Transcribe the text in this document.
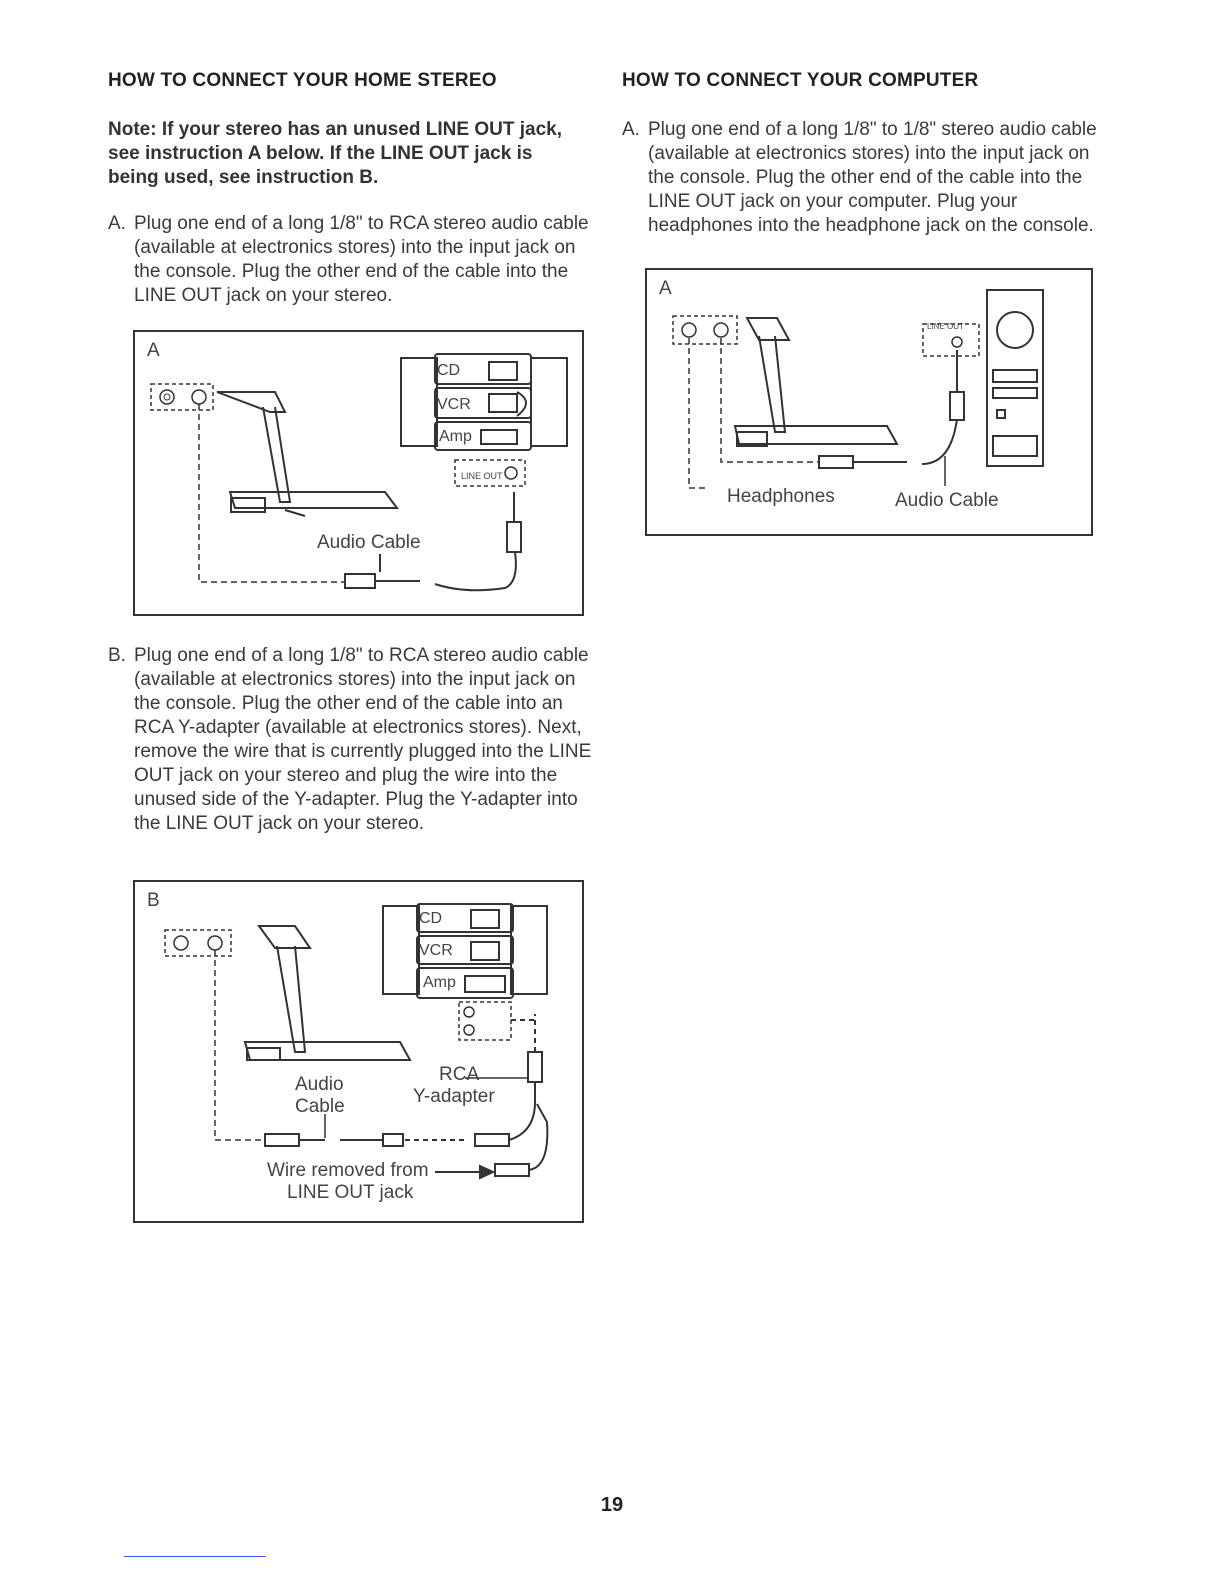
HOW TO CONNECT YOUR HOME STEREO

Note: If your stereo has an unused LINE OUT jack, see instruction A below. If the LINE OUT jack is being used, see instruction B.

A. Plug one end of a long 1/8" to RCA stereo audio cable (available at electronics stores) into the input jack on the console. Plug the other end of the cable into the LINE OUT jack on your stereo.
A
CD
VCR
Amp
LINE OUT
Audio Cable
B. Plug one end of a long 1/8" to RCA stereo audio cable (available at electronics stores) into the input jack on the console. Plug the other end of the cable into an RCA Y-adapter (available at electronics stores). Next, remove the wire that is currently plugged into the LINE OUT jack on your stereo and plug the wire into the unused side of the Y-adapter. Plug the Y-adapter into the LINE OUT jack on your stereo.
B
CD
VCR
Amp
Audio
Cable
RCA
Y-adapter
Wire removed from
LINE OUT jack
HOW TO CONNECT YOUR COMPUTER
A. Plug one end of a long 1/8" to 1/8" stereo audio cable (available at electronics stores) into the input jack on the console. Plug the other end of the cable into the LINE OUT jack on your computer. Plug your headphones into the headphone jack on the console.
A
LINE OUT
Headphones	Audio Cable
19
